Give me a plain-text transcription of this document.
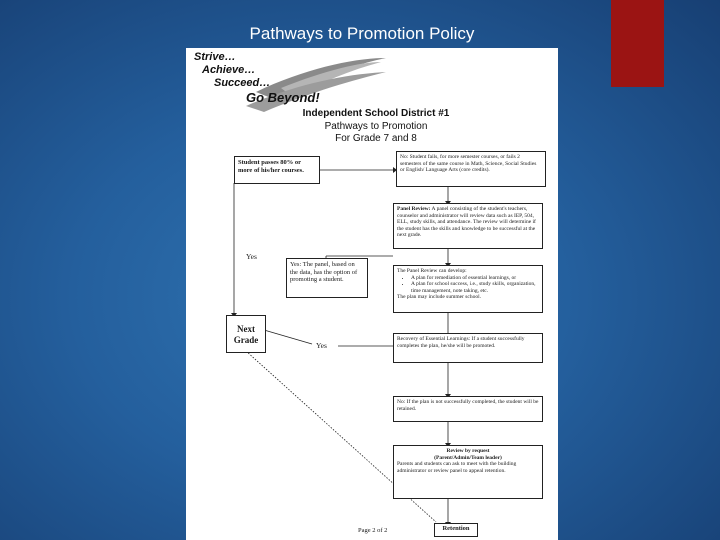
Pathways to Promotion Policy
Strive…
Achieve…
Succeed…
Go Beyond!
Independent School District #1
Pathways to Promotion
For Grade 7 and 8
Student passes 80% or more of his/her courses.
No: Student fails, for more semester courses, or fails 2 semesters of the same course in Math, Science, Social Studies or English/ Language Arts (core credits).
Panel Review: A panel consisting of the student's teachers, counselor and administrator will review data such as IEP, 504, ELL, study skills, and attendance. The review will determine if the student has the skills and knowledge to be successful at the next grade.
Yes: The panel, based on the data, has the option of promoting a student.
The Panel Review can develop:
• A plan for remediation of essential learnings, or
• A plan for school success, i.e., study skills, organization, time management, note taking, etc.
The plan may include summer school.
Next
Grade	Recovery of Essential Learnings: If a student successfully completes the plan, he/she will be promoted.
No: If the plan is not successfully completed, the student will be retained.
Review by request
(Parent/Admin/Team leader)
Parents and students can ask to meet with the building administrator or review panel to appeal retention.
Retention
Yes
Yes
Page 2 of 2
